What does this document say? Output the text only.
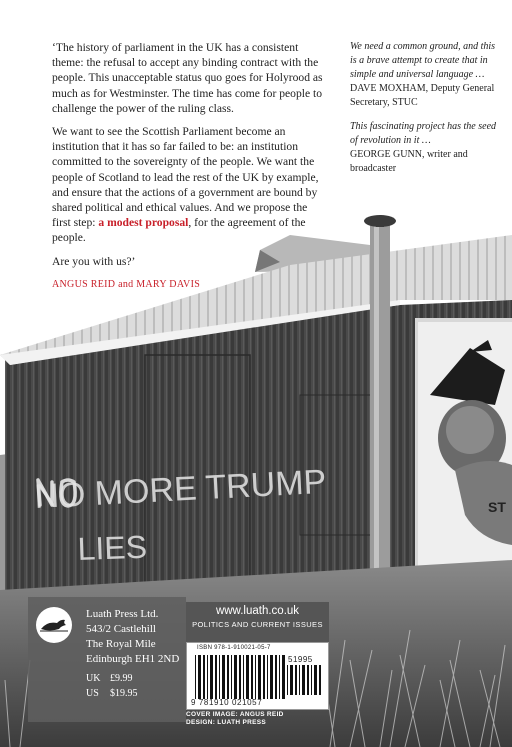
NO MORE TRUMP
LIES
ST

‘The history of parliament in the UK has a consistent theme: the refusal to accept any binding contract with the people. This unacceptable status quo goes for Holyrood as much as for Westminster. The time has come for people to challenge the power of the ruling class.

We want to see the Scottish Parliament become an institution that it has so far failed to be: an institution committed to the sovereignty of the people. We want the people of Scotland to lead the rest of the UK by example, and ensure that the actions of a government are bound by shared political and ethical values. And we propose the first step: a modest proposal, for the agreement of the people.

Are you with us?’

ANGUS REID and MARY DAVIS

We need a common ground, and this is a brave attempt to create that in simple and universal language …

DAVE MOXHAM, Deputy General Secretary, STUC

This fascinating project has the seed of revolution in it …

GEORGE GUNN, writer and broadcaster

Luath Press Ltd.
543/2 Castlehill
The Royal Mile
Edinburgh EH1 2ND
UK £9.99
US $19.95
www.luath.co.uk
POLITICS AND CURRENT ISSUES
ISBN 978-1-910021-05-7
51995
9 781910 021057
COVER IMAGE: ANGUS REID
DESIGN: LUATH PRESS
